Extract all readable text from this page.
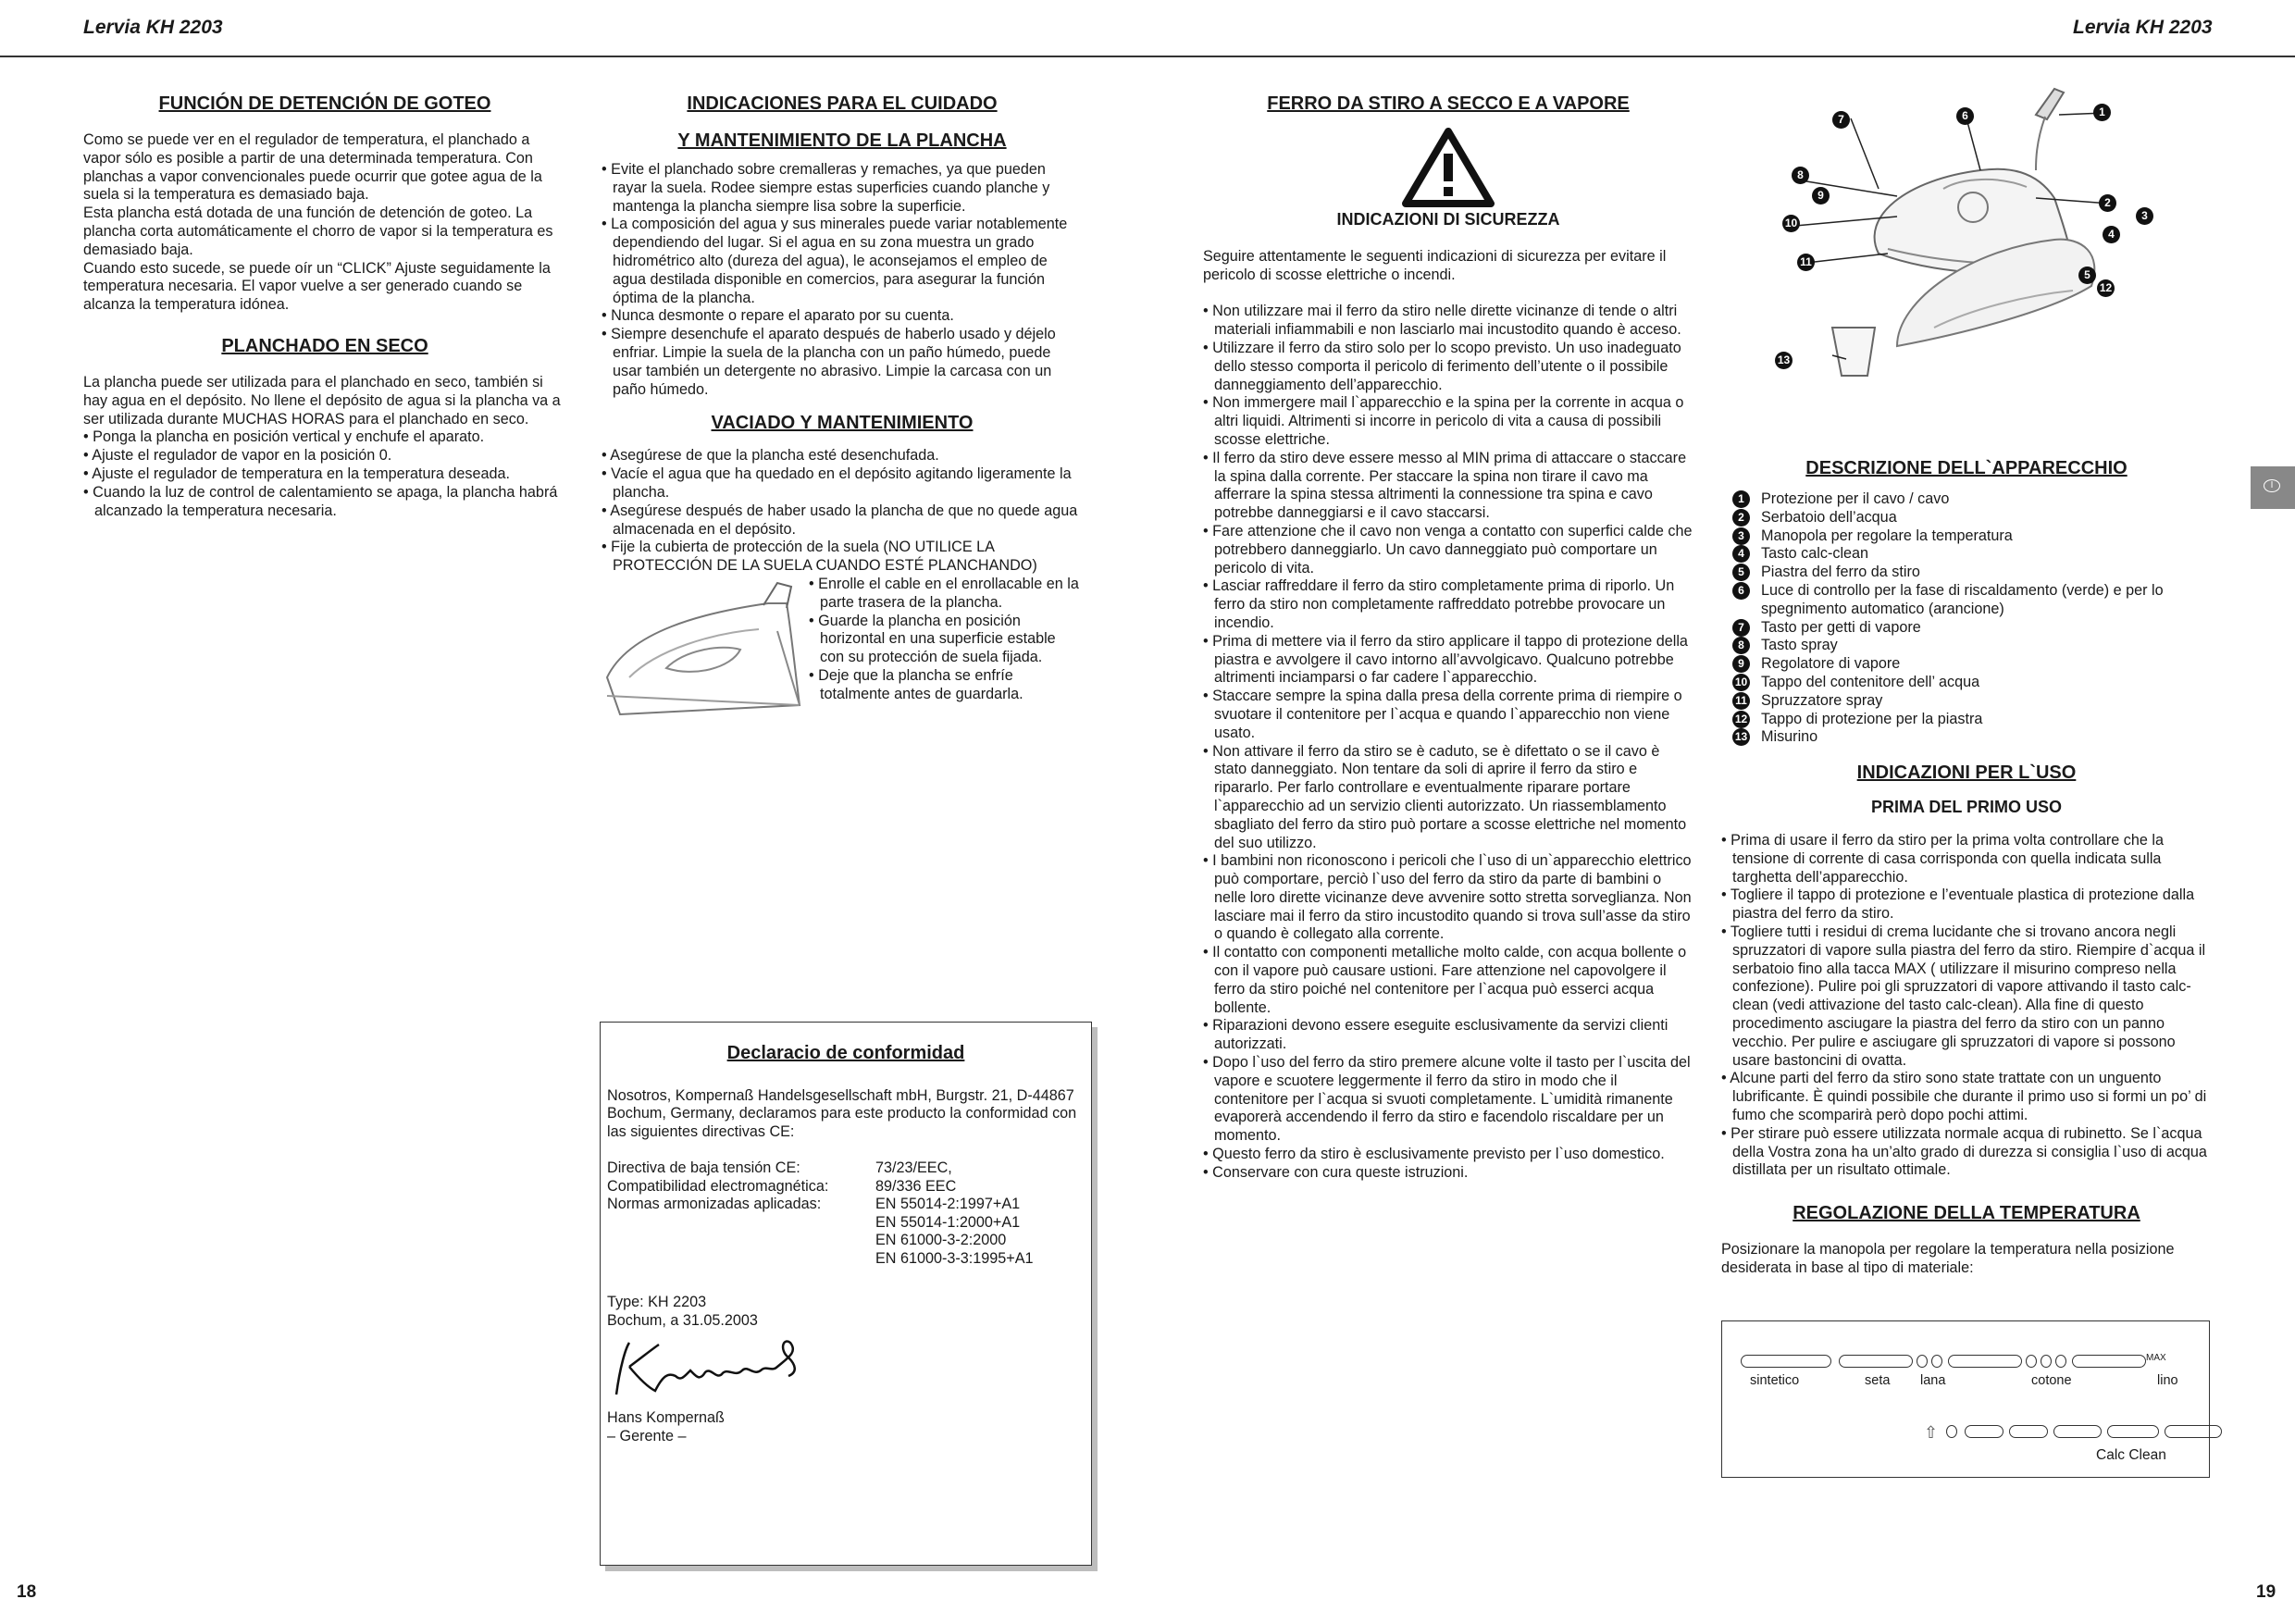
Lervia KH 2203	Lervia KH 2203
FUNCIÓN DE DETENCIÓN DE GOTEO

Como se puede ver en el regulador de temperatura, el planchado a vapor sólo es posible a partir de una determinada temperatura. Con planchas a vapor convencionales puede ocurrir que gotee agua de la suela si la temperatura es demasiado baja.

Esta plancha está dotada de una función de detención de goteo. La plancha corta automáticamente el chorro de vapor si la temperatura es demasiado baja.

Cuando esto sucede, se puede oír un “CLICK” Ajuste seguidamente la temperatura necesaria. El vapor vuelve a ser generado cuando se alcanza la temperatura idónea.

PLANCHADO EN SECO

La plancha puede ser utilizada para el planchado en seco, también si hay agua en el depósito. No llene el depósito de agua si la plancha va a ser utilizada durante MUCHAS HORAS para el planchado en seco.

• Ponga la plancha en posición vertical y enchufe el aparato.
• Ajuste el regulador de vapor en la posición 0.
• Ajuste el regulador de temperatura en la temperatura deseada.
• Cuando la luz de control de calentamiento se apaga, la plancha habrá alcanzado la temperatura necesaria.
INDICACIONES PARA EL CUIDADO
Y MANTENIMIENTO DE LA PLANCHA
• Evite el planchado sobre cremalleras y remaches, ya que pueden rayar la suela. Rodee siempre estas superficies cuando planche y mantenga la plancha siempre lisa sobre la superficie.
• La composición del agua y sus minerales puede variar notablemente dependiendo del lugar. Si el agua en su zona muestra un grado hidrométrico alto (dureza del agua), le aconsejamos el empleo de agua destilada disponible en comercios, para asegurar la función óptima de la plancha.
• Nunca desmonte o repare el aparato por su cuenta.
• Siempre desenchufe el aparato después de haberlo usado y déjelo enfriar. Limpie la suela de la plancha con un paño húmedo, puede usar también un detergente no abrasivo. Limpie la carcasa con un paño húmedo.
VACIADO Y MANTENIMIENTO
• Asegúrese de que la plancha esté desenchufada.
• Vacíe el agua que ha quedado en el depósito agitando ligeramente la plancha.
• Asegúrese después de haber usado la plancha de que no quede agua almacenada en el depósito.
• Fije la cubierta de protección de la suela (NO UTILICE LA PROTECCIÓN DE LA SUELA CUANDO ESTÉ PLANCHANDO)
• Enrolle el cable en el enrollacable en la parte trasera de la plancha.
• Guarde la plancha en posición horizontal en una superficie estable con su protección de suela fijada.
• Deje que la plancha se enfríe totalmente antes de guardarla.
Declaracio de conformidad

Nosotros, Kompernaß Handelsgesellschaft mbH, Burgstr. 21, D-44867 Bochum, Germany, declaramos para este producto la conformidad con las siguientes directivas CE:

Directiva de baja tensión CE:	73/23/EEC,
Compatibilidad electromagnética:	89/336 EEC
Normas armonizadas aplicadas:	EN 55014-2:1997+A1
EN 55014-1:2000+A1
EN 61000-3-2:2000
EN 61000-3-3:1995+A1

Type: KH 2203

Bochum, a 31.05.2003

Hans Kompernaß

– Gerente –

FERRO DA STIRO A SECCO E A VAPORE
INDICAZIONI DI SICUREZZA

Seguire attentamente le seguenti indicazioni di sicurezza per evitare il pericolo di scosse elettriche o incendi.

• Non utilizzare mai il ferro da stiro nelle dirette vicinanze di tende o altri materiali infiammabili e non lasciarlo mai incustodito quando è acceso.
• Utilizzare il ferro da stiro solo per lo scopo previsto. Un uso inadeguato dello stesso comporta il pericolo di ferimento dell’utente o il possibile danneggiamento dell’apparecchio.
• Non immergere mail l`apparecchio e la spina per la corrente in acqua o altri liquidi. Altrimenti si incorre in pericolo di vita a causa di possibili scosse elettriche.
• Il ferro da stiro deve essere messo al MIN prima di attaccare o staccare la spina dalla corrente. Per staccare la spina non tirare il cavo ma afferrare la spina stessa altrimenti la connessione tra spina e cavo potrebbe danneggiarsi e il cavo staccarsi.
• Fare attenzione che il cavo non venga a contatto con superfici calde che potrebbero danneggiarlo. Un cavo danneggiato può comportare un pericolo di vita.
• Lasciar raffreddare il ferro da stiro completamente prima di riporlo. Un ferro da stiro non completamente raffreddato potrebbe provocare un incendio.
• Prima di mettere via il ferro da stiro applicare il tappo di protezione della piastra e avvolgere il cavo intorno all’avvolgicavo. Qualcuno potrebbe altrimenti inciamparsi o far cadere l`apparecchio.
• Staccare sempre la spina dalla presa della corrente prima di riempire o svuotare il contenitore per l`acqua e quando l`apparecchio non viene usato.
• Non attivare il ferro da stiro se è caduto, se è difettato o se il cavo è stato danneggiato. Non tentare da soli di aprire il ferro da stiro e ripararlo. Per farlo controllare e eventualmente riparare portare l`apparecchio ad un servizio clienti autorizzato. Un riassemblamento sbagliato del ferro da stiro può portare a scosse elettriche nel momento del suo utilizzo.
• I bambini non riconoscono i pericoli che l`uso di un`apparecchio elettrico può comportare, perciò l`uso del ferro da stiro da parte di bambini o nelle loro dirette vicinanze deve avvenire sotto stretta sorveglianza. Non lasciare mai il ferro da stiro incustodito quando si trova sull’asse da stiro o quando è collegato alla corrente.
• Il contatto con componenti metalliche molto calde, con acqua bollente o con il vapore può causare ustioni. Fare attenzione nel capovolgere il ferro da stiro poiché nel contenitore per l`acqua può esserci acqua bollente.
• Riparazioni devono essere eseguite esclusivamente da servizi clienti autorizzati.
• Dopo l`uso del ferro da stiro premere alcune volte il tasto per l`uscita del vapore e scuotere leggermente il ferro da stiro in modo che il contenitore per l`acqua si svuoti completamente. L`umidità rimanente evaporerà accendendo il ferro da stiro e facendolo riscaldare per un momento.
• Questo ferro da stiro è esclusivamente previsto per l`uso domestico.
• Conservare con cura queste istruzioni.
1
2
12
7	6
8
9
10
11
13
3
4
5
DESCRIZIONE DELL`APPARECCHIO
1	Protezione per il cavo / cavo
2	Serbatoio dell’acqua
3	Manopola per regolare la temperatura
4	Tasto calc-clean
5	Piastra del ferro da stiro
6	Luce di controllo per la fase di riscaldamento (verde) e per lo spegnimento automatico (arancione)
7	Tasto per getti di vapore
8	Tasto spray
9	Regolatore di vapore
10 Tappo del contenitore dell’ acqua
11 Spruzzatore spray
12 Tappo di protezione per la piastra
13 Misurino
INDICAZIONI PER L`USO
PRIMA DEL PRIMO USO
• Prima di usare il ferro da stiro per la prima volta controllare che la tensione di corrente di casa corrisponda con quella indicata sulla targhetta dell’apparecchio.
• Togliere il tappo di protezione e l’eventuale plastica di protezione dalla piastra del ferro da stiro.
• Togliere tutti i residui di crema lucidante che si trovano ancora negli spruzzatori di vapore sulla piastra del ferro da stiro. Riempire d`acqua il serbatoio fino alla tacca MAX ( utilizzare il misurino compreso nella confezione). Pulire poi gli spruzzatori di vapore attivando il tasto calc-clean (vedi attivazione del tasto calc-clean). Alla fine di questo procedimento asciugare la piastra del ferro da stiro con un panno vecchio. Per pulire e asciugare gli spruzzatori di vapore si possono usare bastoncini di ovatta.
• Alcune parti del ferro da stiro sono state trattate con un unguento lubrificante. È quindi possibile che durante il primo uso si formi un po’ di fumo che scomparirà però dopo pochi attimi.
• Per stirare può essere utilizzata normale acqua di rubinetto. Se l`acqua della Vostra zona ha un’alto grado di durezza si consiglia l`uso di acqua distillata per un risultato ottimale.
REGOLAZIONE DELLA TEMPERATURA

Posizionare la manopola per regolare la temperatura nella posizione desiderata in base al tipo di materiale:

MAX
sintetico	seta lana	cotone	lino
⇧
Calc Clean
I
18	19
